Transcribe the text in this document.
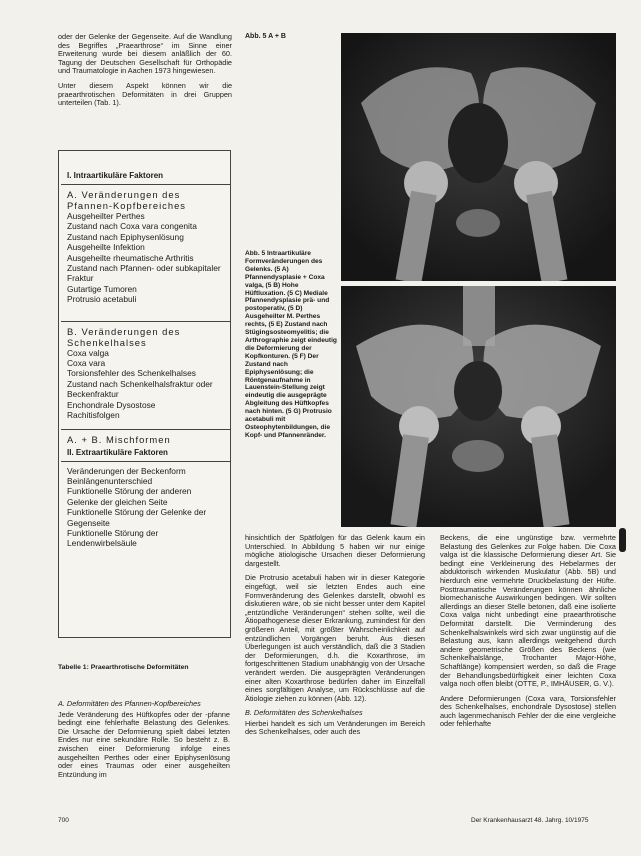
oder der Gelenke der Gegenseite. Auf die Wandlung des Begriffes „Praearthrose“ im Sinne einer Erweiterung wurde bei diesem anläßlich der 60. Tagung der Deutschen Gesellschaft für Orthopädie und Traumatologie in Aachen 1973 hingewiesen.

Unter diesem Aspekt können wir die praearthrotischen Deformitäten in drei Gruppen unterteilen (Tab. 1).

I. Intraartikuläre Faktoren

A. Veränderungen des Pfannen-Kopfbereiches

Ausgeheilter Perthes

Zustand nach Coxa vara congenita

Zustand nach Epiphysenlösung

Ausgeheilte Infektion

Ausgeheilte rheumatische Arthritis

Zustand nach Pfannen- oder subkapitaler Fraktur

Gutartige Tumoren

Protrusio acetabuli

B. Veränderungen des Schenkelhalses

Coxa valga

Coxa vara

Torsionsfehler des Schenkelhalses

Zustand nach Schenkelhalsfraktur oder Beckenfraktur

Enchondrale Dysostose

Rachitisfolgen

A. + B. Mischformen

II. Extraartikuläre Faktoren

Veränderungen der Beckenform

Beinlängenunterschied

Funktionelle Störung der anderen Gelenke der gleichen Seite

Funktionelle Störung der Gelenke der Gegenseite

Funktionelle Störung der Lendenwirbelsäule

Tabelle 1: Praearthrotische Deformitäten

A. Deformitäten des Pfannen-Kopfbereiches

Jede Veränderung des Hüftkopfes oder der -pfanne bedingt eine fehlerhafte Belastung des Gelenkes. Die Ursache der Deformierung spielt dabei letzten Endes nur eine sekundäre Rolle. So besteht z. B. zwischen einer Deformierung infolge eines ausgeheilten Perthes oder einer Epiphysenlösung oder eines Traumas oder einer ausgeheilten Entzündung im

Abb. 5 A + B
Abb. 5 Intraartikuläre Formveränderungen des Gelenks. (5 A) Pfannendysplasie + Coxa valga, (5 B) Hohe Hüftluxation. (5 C) Mediale Pfannendysplasie prä- und postoperativ, (5 D) Ausgeheilter M. Perthes rechts, (5 E) Zustand nach Stügingsosteomyelitis; die Arthrographie zeigt eindeutig die Deformierung der Kopfkonturen. (5 F) Der Zustand nach Epiphysenlösung; die Röntgenaufnahme in Lauenstein-Stellung zeigt eindeutig die ausgeprägte Abgleitung des Hüftkopfes nach hinten. (5 G) Protrusio acetabuli mit Osteophytenbildungen, die Kopf- und Pfannenränder.

hinsichtlich der Spätfolgen für das Gelenk kaum ein Unterschied. In Abbildung 5 haben wir nur einige mögliche ätiologische Ursachen dieser Deformierung dargestellt.

Die Protrusio acetabuli haben wir in dieser Kategorie eingefügt, weil sie letzten Endes auch eine Formveränderung des Gelenkes darstellt, obwohl es diskutieren wäre, ob sie nicht besser unter dem Kapitel „entzündliche Veränderungen“ stehen sollte, weil die Ätiopathogenese dieser Erkrankung, zumindest für den größeren Anteil, mit größter Wahrscheinlichkeit auf entzündlichen Vorgängen beruht. Aus diesen Überlegungen ist auch verständlich, daß die 3 Stadien der Deformierungen, d.h. die Koxarthrose, im fortgeschrittenen Stadium unabhängig von der Ursache verändert werden. Die ausgeprägten Veränderungen einer alten Koxarthrose bedürfen daher im Einzelfall eines sorgfältigen Analyse, um Rückschlüsse auf die Ätiologie ziehen zu können (Abb. 12).

B. Deformitäten des Schenkelhalses

Hierbei handelt es sich um Veränderungen im Bereich des Schenkelhalses, oder auch des

Beckens, die eine ungünstige bzw. vermehrte Belastung des Gelenkes zur Folge haben. Die Coxa valga ist die klassische Deformierung dieser Art. Sie bedingt eine Verkleinerung des Hebelarmes der abduktorisch wirkenden Muskulatur (Abb. 5B) und hierdurch eine vermehrte Druckbelastung der Hüfte. Posttraumatische Veränderungen können ähnliche biomechanische Auswirkungen bedingen. Wir sollten allerdings an dieser Stelle betonen, daß eine isolierte Coxa valga nicht unbedingt eine praearthrotische Deformität darstellt. Die Verminderung des Schenkelhalswinkels wird sich zwar ungünstig auf die Belastung aus, kann allerdings weitgehend durch andere geometrische Größen des Beckens (wie Schenkelhalslänge, Trochanter Major-Höhe, Schaftlänge) kompensiert werden, so daß die Frage der Behandlungsbedürftigkeit einer leichten Coxa valga noch offen bleibt (OTTE, P., IMHÄUSER, G. V.).

Andere Deformierungen (Coxa vara, Torsionsfehler des Schenkelhalses, enchondrale Dysostose) stellen auch lagenmechanisch Fehler der die eine vergleiche oder fehlerhafte

700	Der Krankenhausarzt 48. Jahrg. 10/1975
